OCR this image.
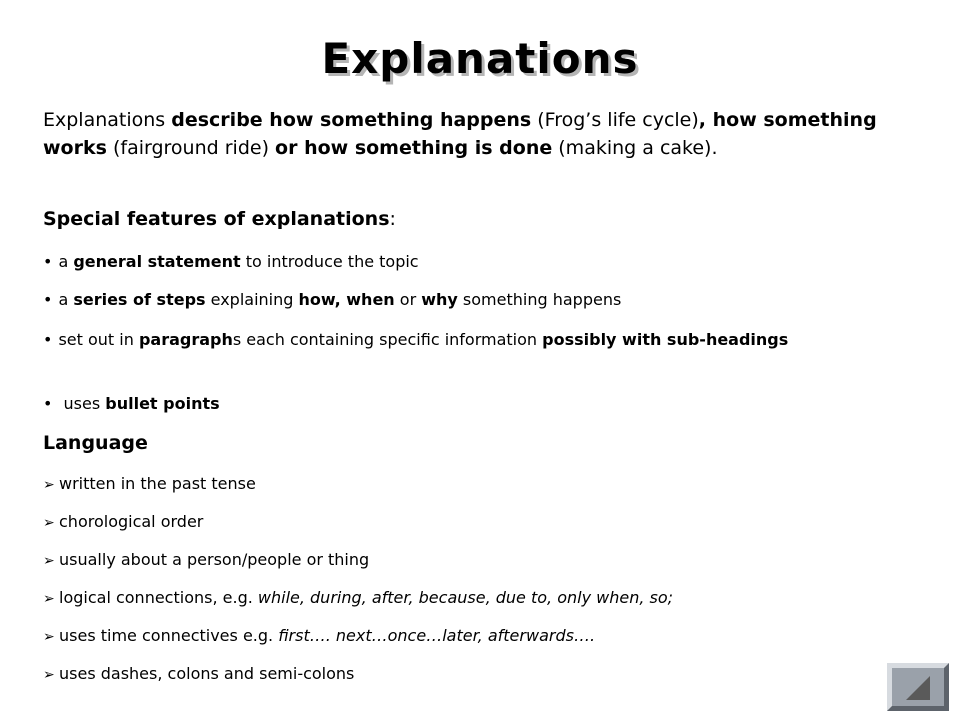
Explanations
Explanations describe how something happens (Frog’s life cycle), how something works (fairground ride) or how something is done (making a cake).
Special features of explanations:
• a general statement to introduce the topic
• a series of steps explaining how, when or why something happens
• set out in paragraphs each containing specific information possibly with sub-headings
• uses bullet points
Language
➢ written in the past tense
➢ chorological order
➢ usually about a person/people or thing
➢ logical connections, e.g. while, during, after, because, due to, only when, so;
➢ uses time connectives e.g. first…. next…once…later, afterwards….
➢ uses dashes, colons and semi-colons
